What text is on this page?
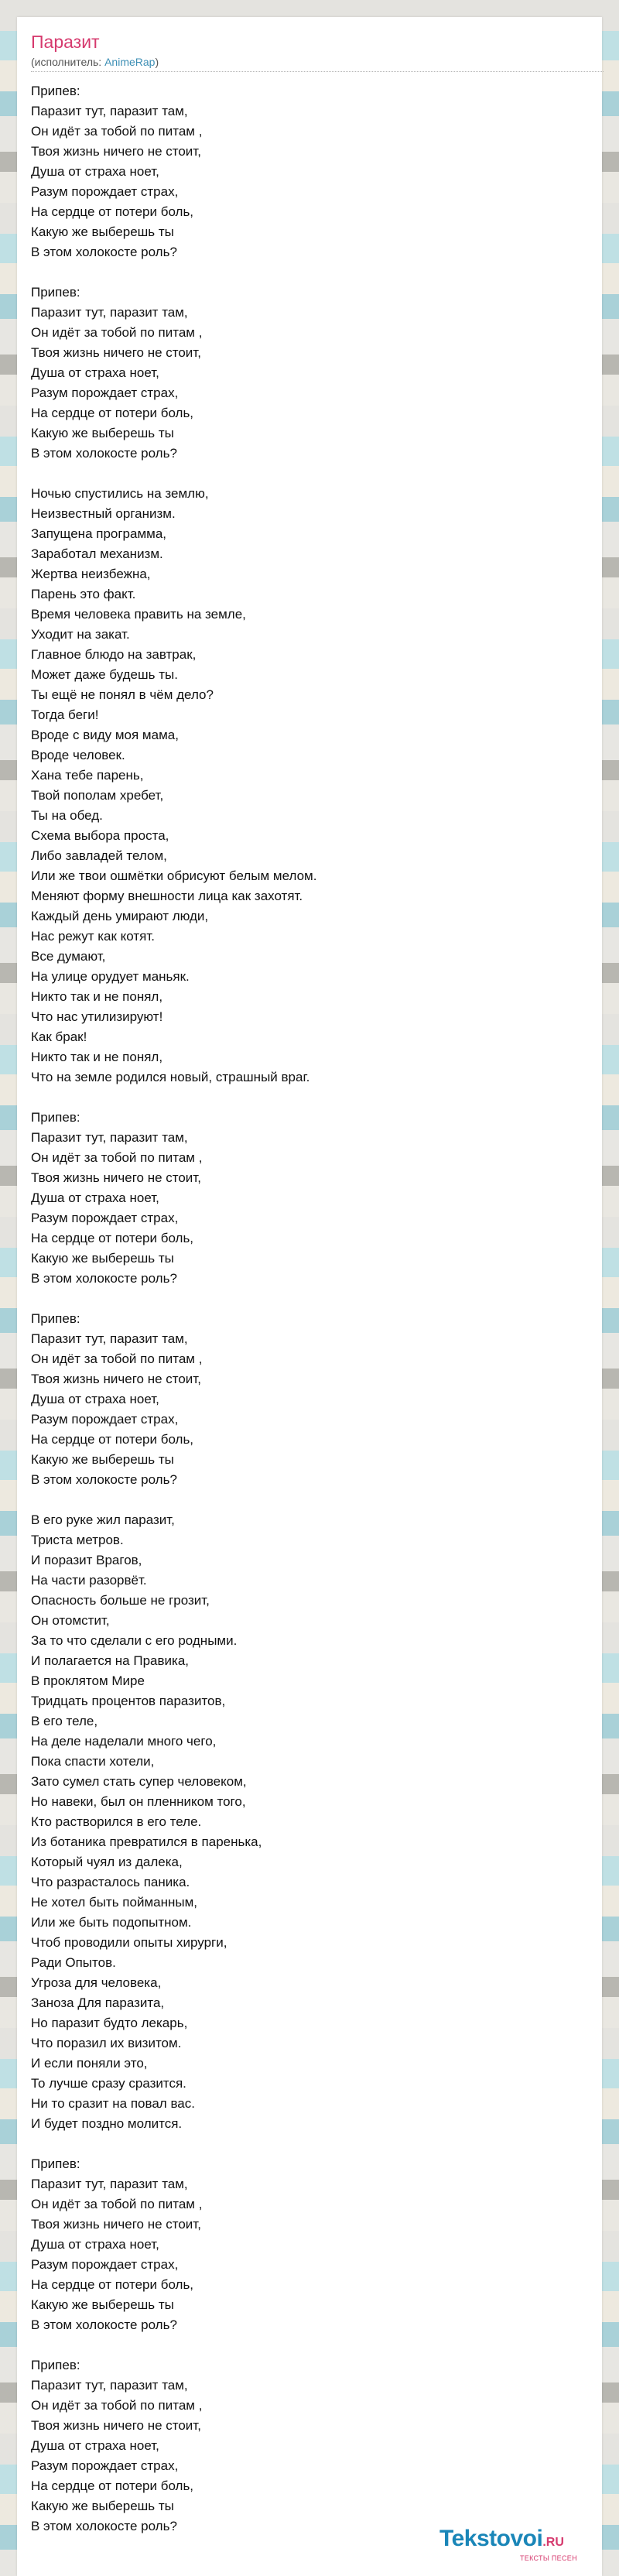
Паразит
(исполнитель: AnimeRap)
Припев:
Паразит тут, паразит там,
Он идёт за тобой по питам ,
Твоя жизнь ничего не стоит,
Душа от страха ноет,
Разум порождает страх,
На сердце от потери боль,
Какую же выберешь ты
В этом холокосте роль?
Припев:
Паразит тут, паразит там,
Он идёт за тобой по питам ,
Твоя жизнь ничего не стоит,
Душа от страха ноет,
Разум порождает страх,
На сердце от потери боль,
Какую же выберешь ты
В этом холокосте роль?
Ночью спустились на землю,
Неизвестный организм.
Запущена программа,
Заработал механизм.
Жертва неизбежна,
Парень это факт.
Время человека править на земле,
Уходит на закат.
Главное блюдо на завтрак,
Может даже будешь ты.
Ты ещё не понял в чём дело?
Тогда беги!
Вроде с виду моя мама,
Вроде человек.
Хана тебе парень,
Твой пополам хребет,
Ты на обед.
Схема выбора проста,
Либо завладей телом,
Или же твои ошмётки обрисуют белым мелом.
Меняют форму внешности лица как захотят.
Каждый день умирают люди,
Нас режут как котят.
Все думают,
На улице орудует маньяк.
Никто так и не понял,
Что нас утилизируют!
Как брак!
Никто так и не понял,
Что на земле родился новый, страшный враг.
Припев:
Паразит тут, паразит там,
Он идёт за тобой по питам ,
Твоя жизнь ничего не стоит,
Душа от страха ноет,
Разум порождает страх,
На сердце от потери боль,
Какую же выберешь ты
В этом холокосте роль?
Припев:
Паразит тут, паразит там,
Он идёт за тобой по питам ,
Твоя жизнь ничего не стоит,
Душа от страха ноет,
Разум порождает страх,
На сердце от потери боль,
Какую же выберешь ты
В этом холокосте роль?
В его руке жил паразит,
Триста метров.
И поразит Врагов,
На части разорвёт.
Опасность больше не грозит,
Он отомстит,
За то что сделали с его родными.
И полагается на Правика,
В проклятом Мире
Тридцать процентов паразитов,
В его теле,
На деле наделали много чего,
Пока спасти хотели,
Зато сумел стать супер человеком,
Но навеки, был он пленником того,
Кто растворился в его теле.
Из ботаника превратился в паренька,
Который чуял из далека,
Что разрасталось паника.
Не хотел быть пойманным,
Или же быть подопытном.
Чтоб проводили опыты хирурги,
Ради Опытов.
Угроза для человека,
Заноза Для паразита,
Но паразит будто лекарь,
Что поразил их визитом.
И если поняли это,
То лучше сразу сразится.
Ни то сразит на повал вас.
И будет поздно молится.
Припев:
Паразит тут, паразит там,
Он идёт за тобой по питам ,
Твоя жизнь ничего не стоит,
Душа от страха ноет,
Разум порождает страх,
На сердце от потери боль,
Какую же выберешь ты
В этом холокосте роль?
Припев:
Паразит тут, паразит там,
Он идёт за тобой по питам ,
Твоя жизнь ничего не стоит,
Душа от страха ноет,
Разум порождает страх,
На сердце от потери боль,
Какую же выберешь ты
В этом холокосте роль?	Tekstovoi.RU
ТЕКСТЫ ПЕСЕН
